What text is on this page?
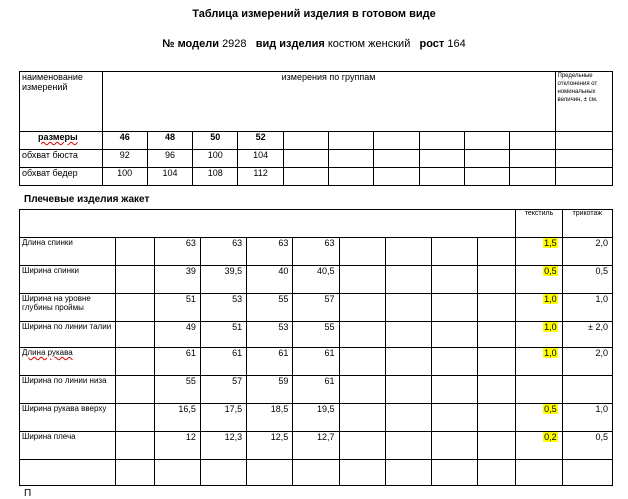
Таблица измерений изделия в готовом виде
№ модели 2928 вид изделия костюм женский рост 164
наименование измерений	измерения по группам										Предельные отклонения от номинальных величин, ± см.
размеры	46	48	50	52							
обхват бюста	92	96	100	104							
обхват бедер	100	104	108	112							
Плечевые изделия жакет
										текстиль	трикотаж
Длина спинки		63	63	63	63					1,5	2,0
Ширина спинки		39	39,5	40	40,5					0,5	0,5
Ширина на уровне глубины проймы		51	53	55	57					1,0	1,0
Ширина по линии талии		49	51	53	55					1,0	± 2,0
Длина рукава		61	61	61	61					1,0	2,0
Ширина по линии низа		55	57	59	61						
Ширина рукава вверху		16,5	17,5	18,5	19,5					0,5	1,0
Ширина плеча		12	12,3	12,5	12,7					0,2	0,5

П
